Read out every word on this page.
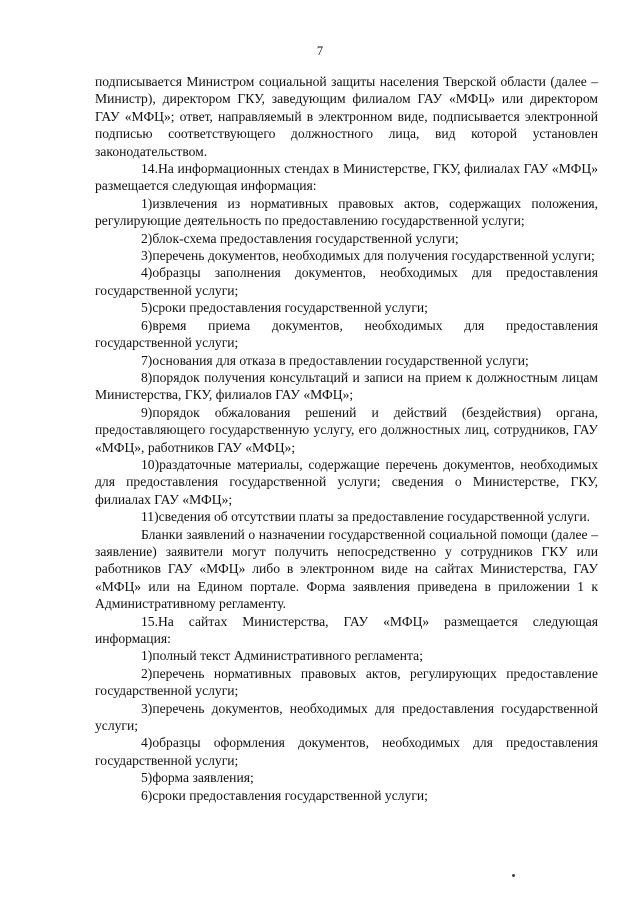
7

подписывается Министром социальной защиты населения Тверской области (далее – Министр), директором ГКУ, заведующим филиалом ГАУ «МФЦ» или директором ГАУ «МФЦ»; ответ, направляемый в электронном виде, подписывается электронной подписью соответствующего должностного лица, вид которой установлен законодательством.

14.На информационных стендах в Министерстве, ГКУ, филиалах ГАУ «МФЦ» размещается следующая информация:

1)извлечения из нормативных правовых актов, содержащих положения, регулирующие деятельность по предоставлению государственной услуги;

2)блок-схема предоставления государственной услуги;

3)перечень документов, необходимых для получения государственной услуги;

4)образцы заполнения документов, необходимых для предоставления государственной услуги;

5)сроки предоставления государственной услуги;

6)время приема документов, необходимых для предоставления государственной услуги;

7)основания для отказа в предоставлении государственной услуги;

8)порядок получения консультаций и записи на прием к должностным лицам Министерства, ГКУ, филиалов ГАУ «МФЦ»;

9)порядок обжалования решений и действий (бездействия) органа, предоставляющего государственную услугу, его должностных лиц, сотрудников, ГАУ «МФЦ», работников ГАУ «МФЦ»;

10)раздаточные материалы, содержащие перечень документов, необходимых для предоставления государственной услуги; сведения о Министерстве, ГКУ, филиалах ГАУ «МФЦ»;

11)сведения об отсутствии платы за предоставление государственной услуги.

Бланки заявлений о назначении государственной социальной помощи (далее – заявление) заявители могут получить непосредственно у сотрудников ГКУ или работников ГАУ «МФЦ» либо в электронном виде на сайтах Министерства, ГАУ «МФЦ» или на Едином портале. Форма заявления приведена в приложении 1 к Административному регламенту.

15.На сайтах Министерства, ГАУ «МФЦ» размещается следующая информация:

1)полный текст Административного регламента;

2)перечень нормативных правовых актов, регулирующих предоставление государственной услуги;

3)перечень документов, необходимых для предоставления государственной услуги;

4)образцы оформления документов, необходимых для предоставления государственной услуги;

5)форма заявления;

6)сроки предоставления государственной услуги;
